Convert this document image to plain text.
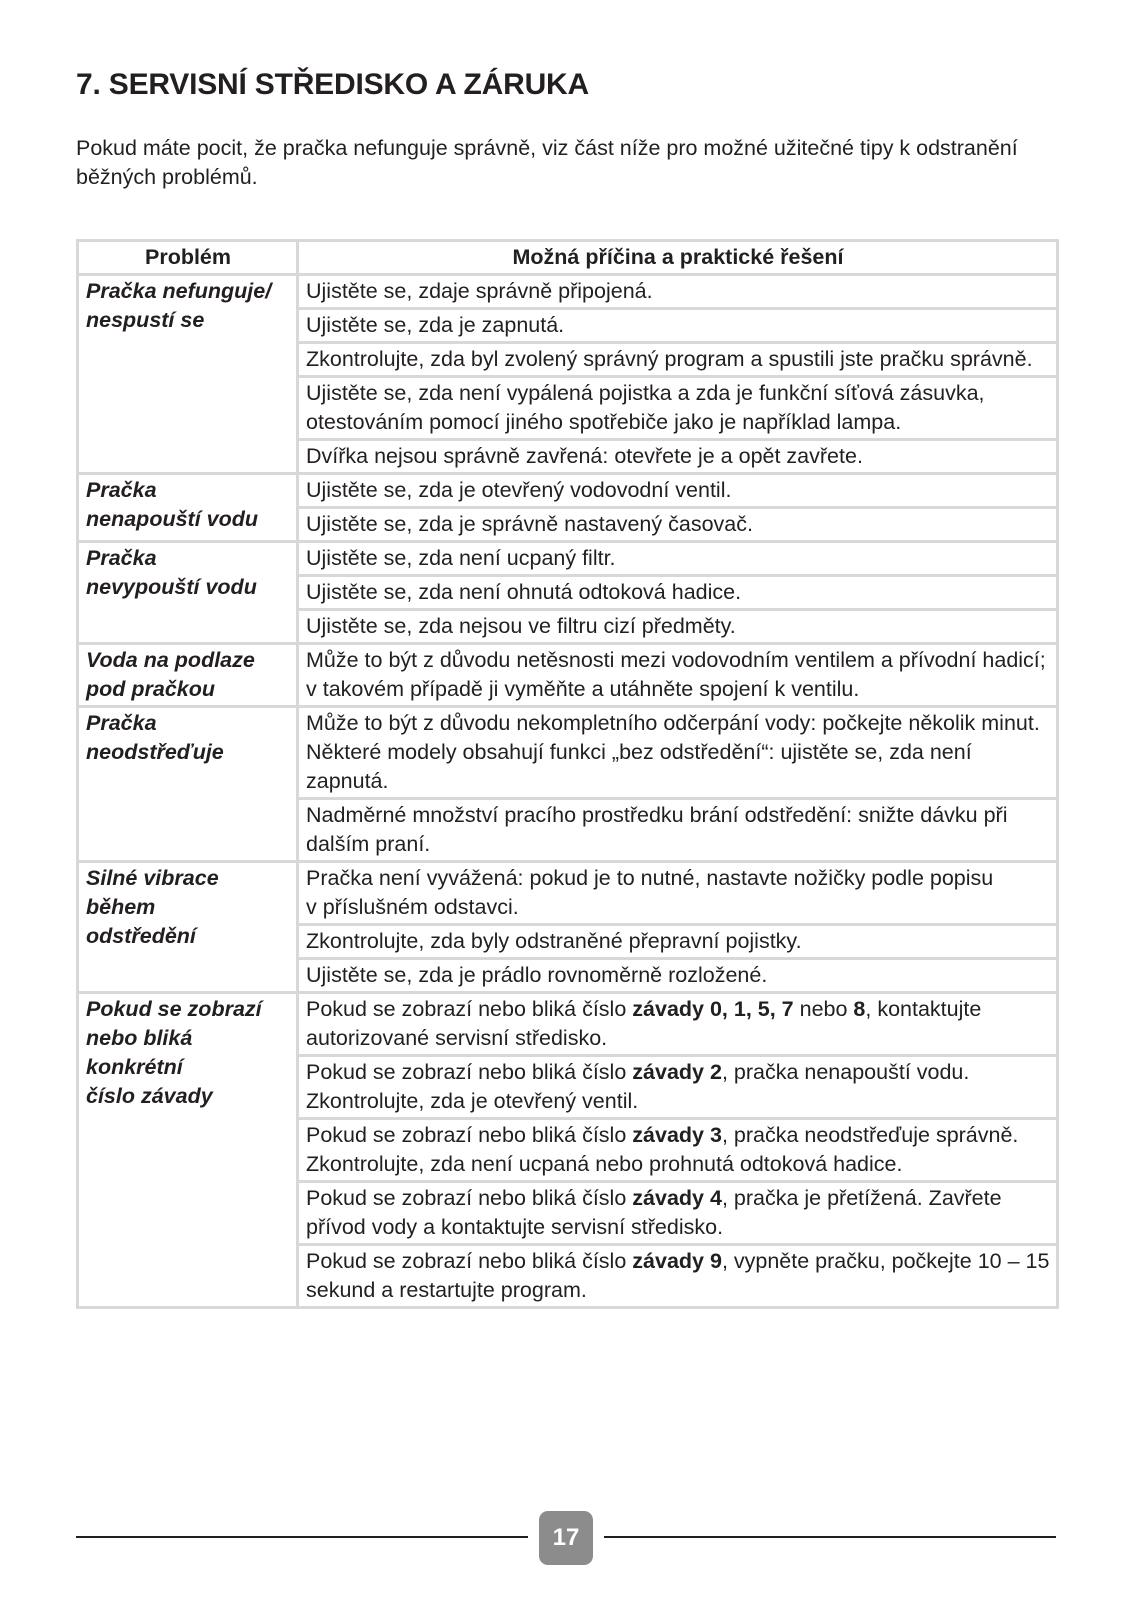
7. SERVISNÍ STŘEDISKO A ZÁRUKA

Pokud máte pocit, že pračka nefunguje správně, viz část níže pro možné užitečné tipy k odstranění běžných problémů.

Problém	Možná příčina a praktické řešení
Pračka nefunguje/
nespustí se	Ujistěte se, zdaje správně připojená.
	Ujistěte se, zda je zapnutá.
	Zkontrolujte, zda byl zvolený správný program a spustili jste pračku správně.
	Ujistěte se, zda není vypálená pojistka a zda je funkční síťová zásuvka, otestováním pomocí jiného spotřebiče jako je například lampa.
	Dvířka nejsou správně zavřená: otevřete je a opět zavřete.
Pračka
nenapouští vodu	Ujistěte se, zda je otevřený vodovodní ventil.
	Ujistěte se, zda je správně nastavený časovač.
Pračka
nevypouští vodu	Ujistěte se, zda není ucpaný filtr.
	Ujistěte se, zda není ohnutá odtoková hadice.
	Ujistěte se, zda nejsou ve filtru cizí předměty.
Voda na podlaze
pod pračkou	Může to být z důvodu netěsnosti mezi vodovodním ventilem a přívodní hadicí; v takovém případě ji vyměňte a utáhněte spojení k ventilu.
Pračka
neodstřeďuje	Může to být z důvodu nekompletního odčerpání vody: počkejte několik minut. Některé modely obsahují funkci „bez odstředění“: ujistěte se, zda není zapnutá.
	Nadměrné množství pracího prostředku brání odstředění: snižte dávku při dalším praní.
Silné vibrace
během
odstředění	Pračka není vyvážená: pokud je to nutné, nastavte nožičky podle popisu
v příslušném odstavci.
	Zkontrolujte, zda byly odstraněné přepravní pojistky.
	Ujistěte se, zda je prádlo rovnoměrně rozložené.
Pokud se zobrazí
nebo bliká
konkrétní
číslo závady	Pokud se zobrazí nebo bliká číslo závady 0, 1, 5, 7 nebo 8, kontaktujte autorizované servisní středisko.
	Pokud se zobrazí nebo bliká číslo závady 2, pračka nenapouští vodu. Zkontrolujte, zda je otevřený ventil.
	Pokud se zobrazí nebo bliká číslo závady 3, pračka neodstřeďuje správně. Zkontrolujte, zda není ucpaná nebo prohnutá odtoková hadice.
	Pokud se zobrazí nebo bliká číslo závady 4, pračka je přetížená. Zavřete přívod vody a kontaktujte servisní středisko.
	Pokud se zobrazí nebo bliká číslo závady 9, vypněte pračku, počkejte 10 – 15 sekund a restartujte program.
17
